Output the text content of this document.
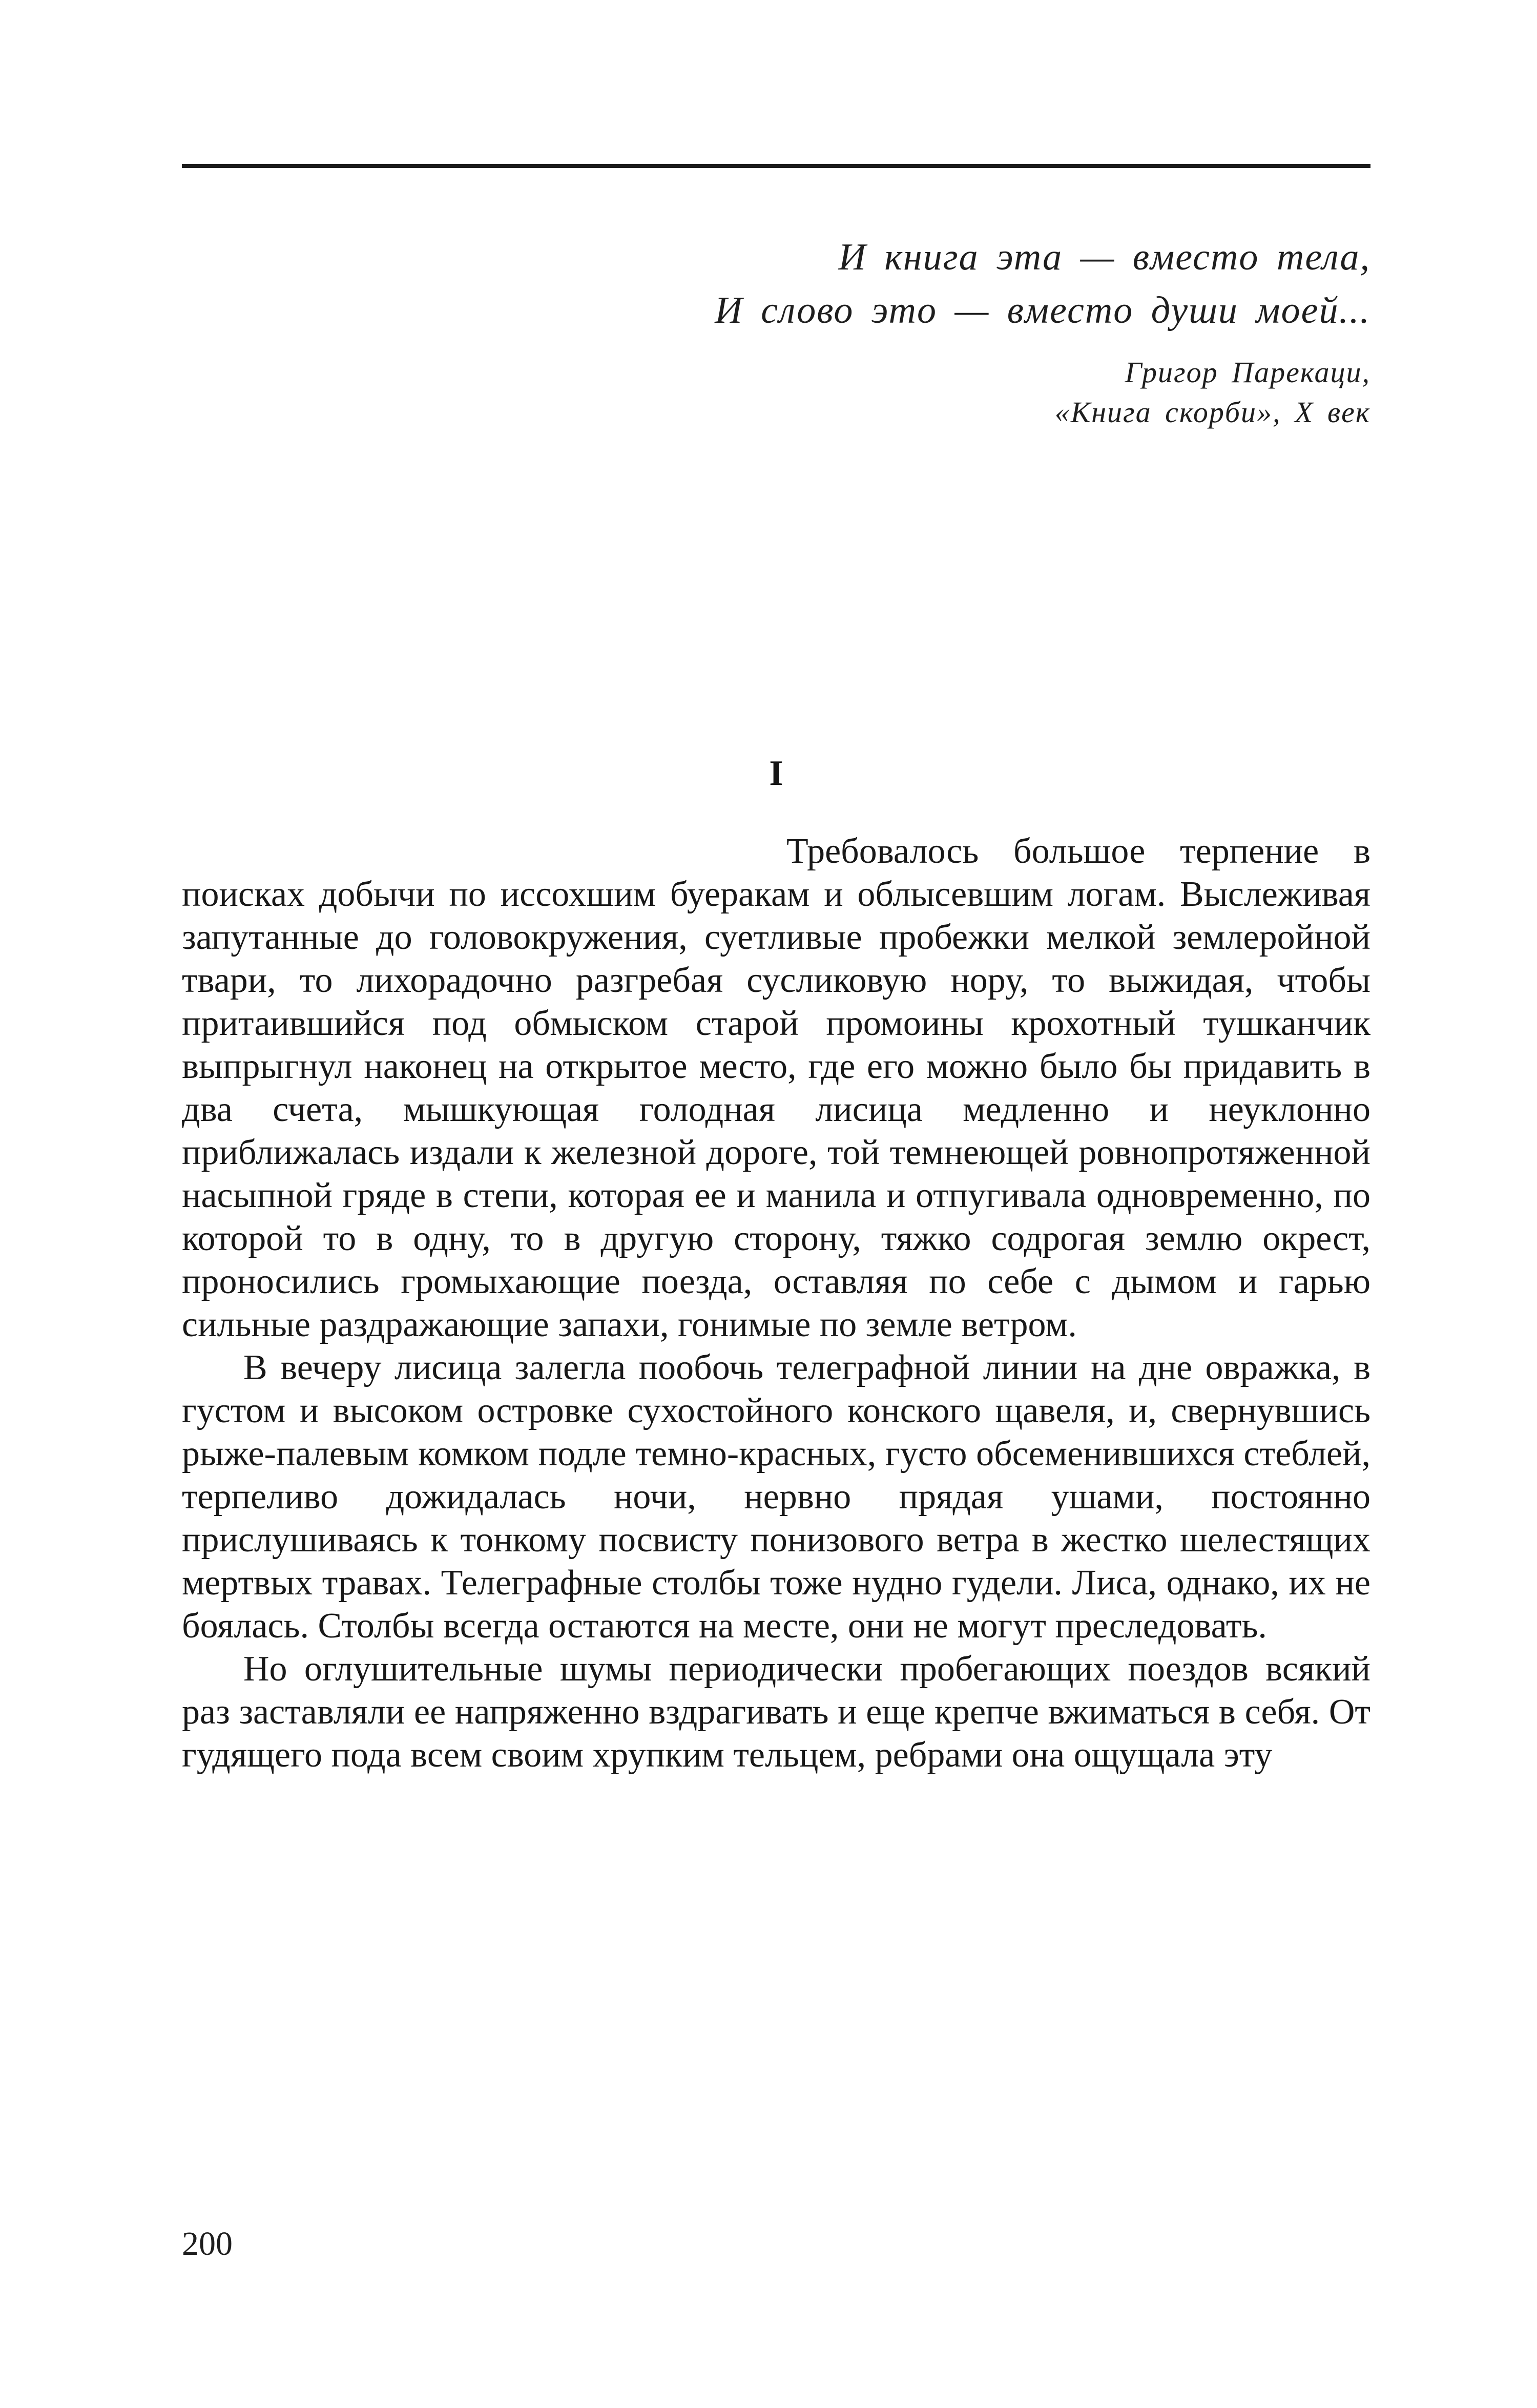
И книга эта — вместо тела,
И слово это — вместо души моей...
Григор Парекаци,
«Книга скорби», X век
I

Требовалось большое терпение в поисках добычи по иссохшим буеракам и облысевшим логам. Выслеживая запутанные до головокружения, суетливые пробежки мелкой землеройной твари, то лихорадочно разгребая сусликовую нору, то выжидая, чтобы притаившийся под обмыском старой промоины крохотный тушканчик выпрыгнул наконец на открытое место, где его можно было бы придавить в два счета, мышкующая голодная лисица медленно и неуклонно приближалась издали к железной дороге, той темнеющей ровнопротяженной насыпной гряде в степи, которая ее и манила и отпугивала одновременно, по которой то в одну, то в другую сторону, тяжко содрогая землю окрест, проносились громыхающие поезда, оставляя по себе с дымом и гарью сильные раздражающие запахи, гонимые по земле ветром.

В вечеру лисица залегла пообочь телеграфной линии на дне овражка, в густом и высоком островке сухостойного конского щавеля, и, свернувшись рыже-палевым комком подле темно-красных, густо обсеменившихся стеблей, терпеливо дожидалась ночи, нервно прядая ушами, постоянно прислушиваясь к тонкому посвисту понизового ветра в жестко шелестящих мертвых травах. Телеграфные столбы тоже нудно гудели. Лиса, однако, их не боялась. Столбы всегда остаются на месте, они не могут преследовать.

Но оглушительные шумы периодически пробегающих поездов всякий раз заставляли ее напряженно вздрагивать и еще крепче вжиматься в себя. От гудящего пода всем своим хрупким тельцем, ребрами она ощущала эту

200
